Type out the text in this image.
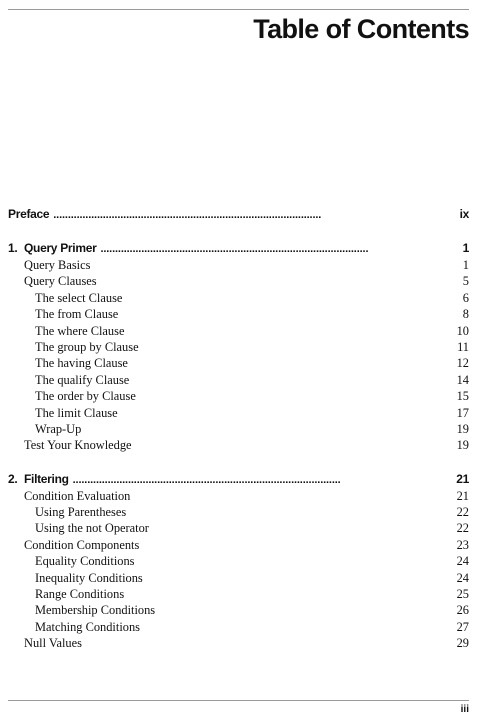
Table of Contents
Preface . . .	ix
1. Query Primer . . .	1
Query Basics	1
Query Clauses	5
The select Clause	6
The from Clause	8
The where Clause	10
The group by Clause	11
The having Clause	12
The qualify Clause	14
The order by Clause	15
The limit Clause	17
Wrap-Up	19
Test Your Knowledge	19
2. Filtering . . .	21
Condition Evaluation	21
Using Parentheses	22
Using the not Operator	22
Condition Components	23
Equality Conditions	24
Inequality Conditions	24
Range Conditions	25
Membership Conditions	26
Matching Conditions	27
Null Values	29
iii
